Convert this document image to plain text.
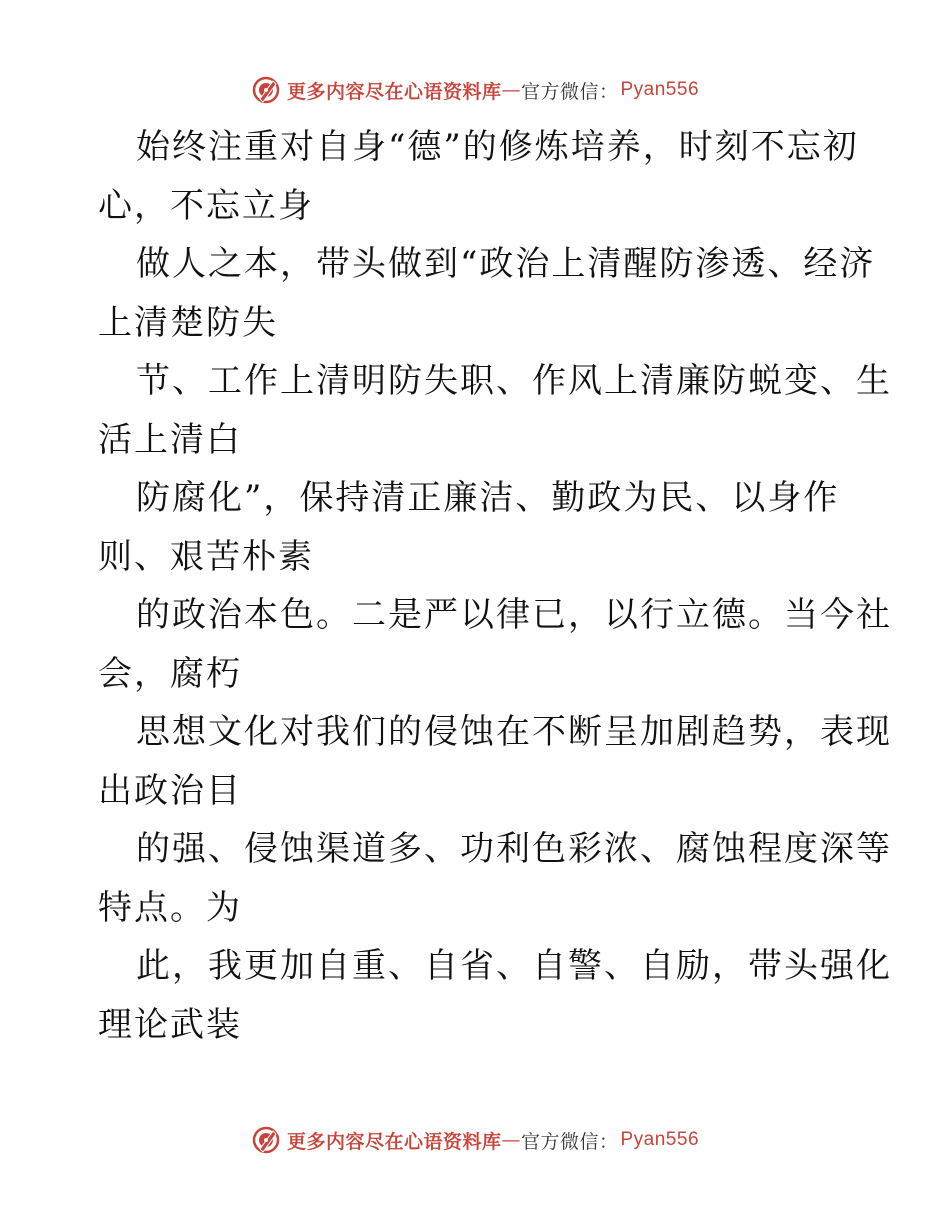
更多内容尽在心语资料库 — 官方微信： Pyan556
始终注重对自身“德”的修炼培养，时刻不忘初
心，不忘立身
做人之本，带头做到“政治上清醒防渗透、经济
上清楚防失
节、工作上清明防失职、作风上清廉防蜕变、生
活上清白
防腐化”，保持清正廉洁、勤政为民、以身作
则、艰苦朴素
的政治本色。二是严以律已，以行立德。当今社
会，腐朽
思想文化对我们的侵蚀在不断呈加剧趋势，表现
出政治目
的强、侵蚀渠道多、功利色彩浓、腐蚀程度深等
特点。为
此，我更加自重、自省、自警、自励，带头强化
理论武装
更多内容尽在心语资料库 — 官方微信： Pyan556
